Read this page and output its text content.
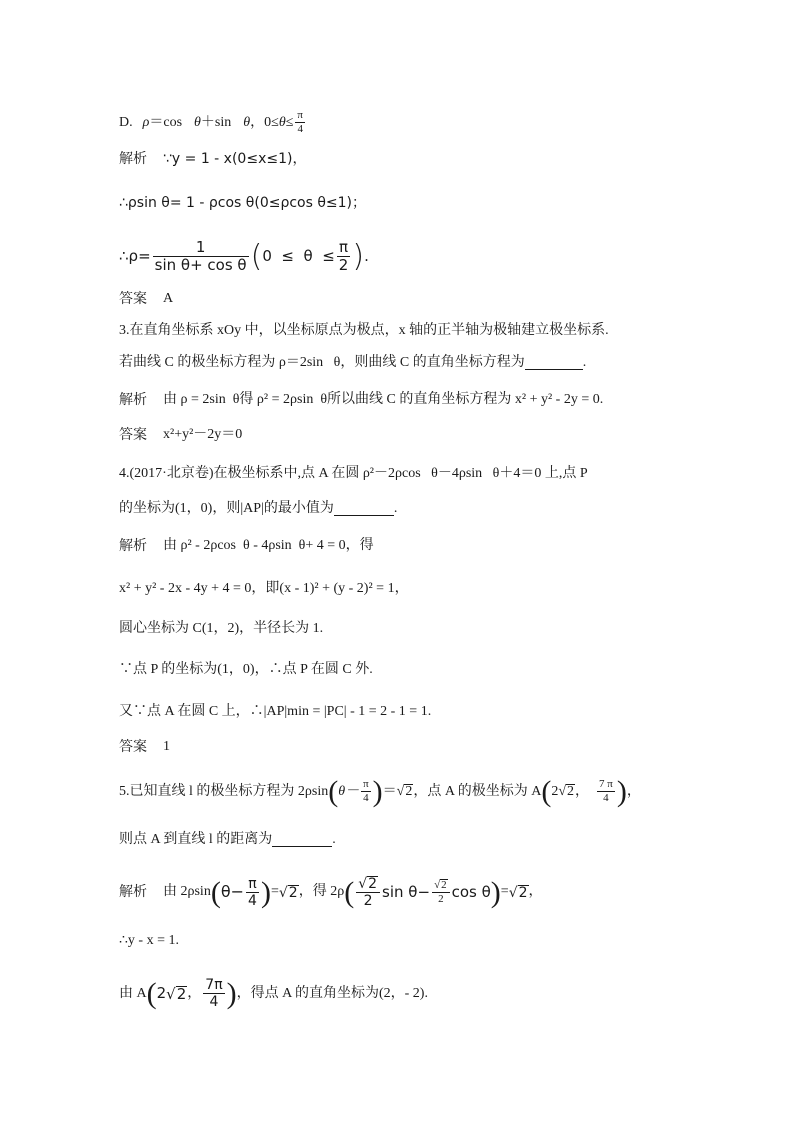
D. ρ ＝cos θ ＋sin θ ，$0\le \theta \le \frac{\pi}{4}$
解析 ∵y = 1 - x(0≤x≤1)，
∴ρsin θ= 1 - ρcos θ(0≤ρcos θ≤1)；
∴ρ= $\frac{1}{\text{sin θ+ cos θ}}$ ( $0 \le \theta \le \frac{\pi}{2}$ ) .
答案 A
3.在直角坐标系 xOy 中，以坐标原点为极点，x 轴的正半轴为极轴建立极坐标系.
若曲线 C 的极坐标方程为 ρ＝2sin   θ，则曲线 C 的直角坐标方程为
	.
解析 由 ρ = 2sin  θ得 ρ² = 2ρsin  θ所以曲线 C 的直角坐标方程为 x² + y² - 2y = 0.
答案 x²+y²－2y＝0
4.(2017·北京卷)在极坐标系中,点 A 在圆 ρ²－2ρcos   θ－4ρsin   θ＋4＝0 上,点 P
的坐标为(1，0)，则|AP|的最小值为
	.
解析 由 ρ² - 2ρcos  θ - 4ρsin  θ+ 4 = 0，得
x² + y² - 2x - 4y + 4 = 0，即(x - 1)² + (y - 2)² = 1，
圆心坐标为 C(1，2)，半径长为 1.
∵点 P 的坐标为(1，0)，∴点 P 在圆 C 外.
又∵点 A 在圆 C 上，∴|AP|min = |PC| - 1 = 2 - 1 = 1.
答案 1
5.已知直线 l 的极坐标方程为 2ρsin ( $\theta- \frac{\pi}{4}$ ) ＝ √ 2 ，点 A 的极坐标为 A ( 2 √ 2 ， $\frac{7 \pi}{4}$ ) ，
则点 A 到直线 l 的距离为
	.
解析 由 2ρsin ( $\theta- \frac{\pi}{4}$ ) = √ 2 ，得 2ρ ( $\frac{√ 2}{2}$ $\sin \theta- \frac{√ 2}{2}$ cos θ ) = √ 2 ，
∴y - x = 1.
由 A ( 2 √ 2 ， $\frac{7\pi}{4}$ ) ，得点 A 的直角坐标为(2，- 2).
